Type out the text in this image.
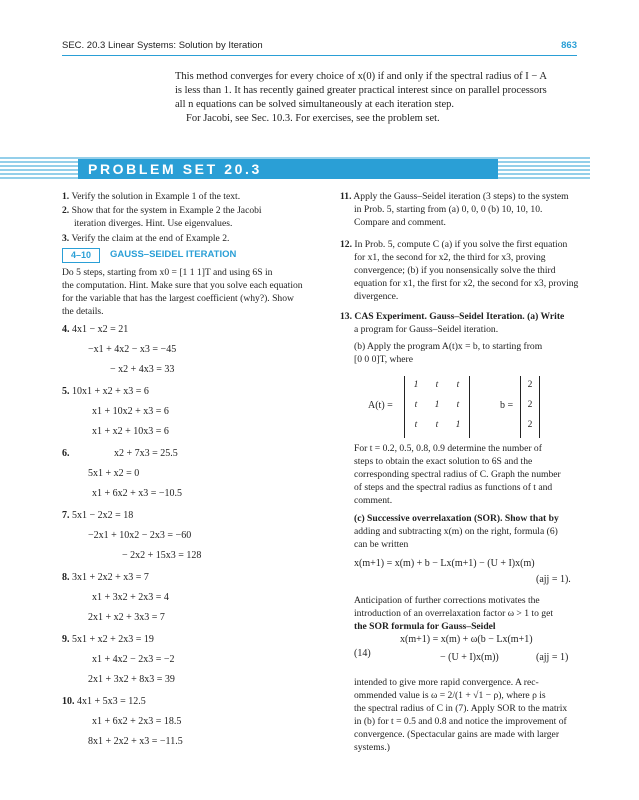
SEC. 20.3 Linear Systems: Solution by Iteration	863
This method converges for every choice of x(0) if and only if the spectral radius of I − A
is less than 1. It has recently gained greater practical interest since on parallel processors
all n equations can be solved simultaneously at each iteration step.
For Jacobi, see Sec. 10.3. For exercises, see the problem set.
PROBLEM SET 20.3
1. Verify the solution in Example 1 of the text.
2. Show that for the system in Example 2 the Jacobi
iteration diverges. Hint. Use eigenvalues.
3. Verify the claim at the end of Example 2.
4–10	GAUSS–SEIDEL ITERATION
Do 5 steps, starting from x0 = [1 1 1]T and using 6S in
the computation. Hint. Make sure that you solve each equation
for the variable that has the largest coefficient (why?). Show
the details.
4. 4x1 − x2 = 21
−x1 + 4x2 − x3 = −45
− x2 + 4x3 = 33
5. 10x1 + x2 + x3 = 6
x1 + 10x2 + x3 = 6
x1 + x2 + 10x3 = 6
6.	x2 + 7x3 = 25.5
5x1 + x2 = 0
x1 + 6x2 + x3 = −10.5
7. 5x1 − 2x2 = 18
−2x1 + 10x2 − 2x3 = −60
− 2x2 + 15x3 = 128
8. 3x1 + 2x2 + x3 = 7
x1 + 3x2 + 2x3 = 4
2x1 + x2 + 3x3 = 7
9. 5x1 + x2 + 2x3 = 19
x1 + 4x2 − 2x3 = −2
2x1 + 3x2 + 8x3 = 39
10. 4x1 + 5x3 = 12.5
x1 + 6x2 + 2x3 = 18.5
8x1 + 2x2 + x3 = −11.5
11. Apply the Gauss–Seidel iteration (3 steps) to the system
in Prob. 5, starting from (a) 0, 0, 0 (b) 10, 10, 10.
Compare and comment.
12. In Prob. 5, compute C (a) if you solve the first equation
for x1, the second for x2, the third for x3, proving
convergence; (b) if you nonsensically solve the third
equation for x1, the first for x2, the second for x3, proving
divergence.
13. CAS Experiment. Gauss–Seidel Iteration. (a) Write
a program for Gauss–Seidel iteration.
(b) Apply the program A(t)x = b, to starting from
[0 0 0]T, where
A(t) =
1	t	t
t	1	t
t	t	1
b =
2
2
2
For t = 0.2, 0.5, 0.8, 0.9 determine the number of
steps to obtain the exact solution to 6S and the
corresponding spectral radius of C. Graph the number
of steps and the spectral radius as functions of t and
comment.
(c) Successive overrelaxation (SOR). Show that by
adding and subtracting x(m) on the right, formula (6)
can be written
x(m+1) = x(m) + b − Lx(m+1) − (U + I)x(m)
(ajj = 1).
Anticipation of further corrections motivates the
introduction of an overrelaxation factor ω > 1 to get
the SOR formula for Gauss–Seidel
(14)
x(m+1) = x(m) + ω(b − Lx(m+1)
− (U + I)x(m))	(ajj = 1)
intended to give more rapid convergence. A rec-
ommended value is ω = 2/(1 + √1 − ρ), where ρ is
the spectral radius of C in (7). Apply SOR to the matrix
in (b) for t = 0.5 and 0.8 and notice the improvement of
convergence. (Spectacular gains are made with larger
systems.)
